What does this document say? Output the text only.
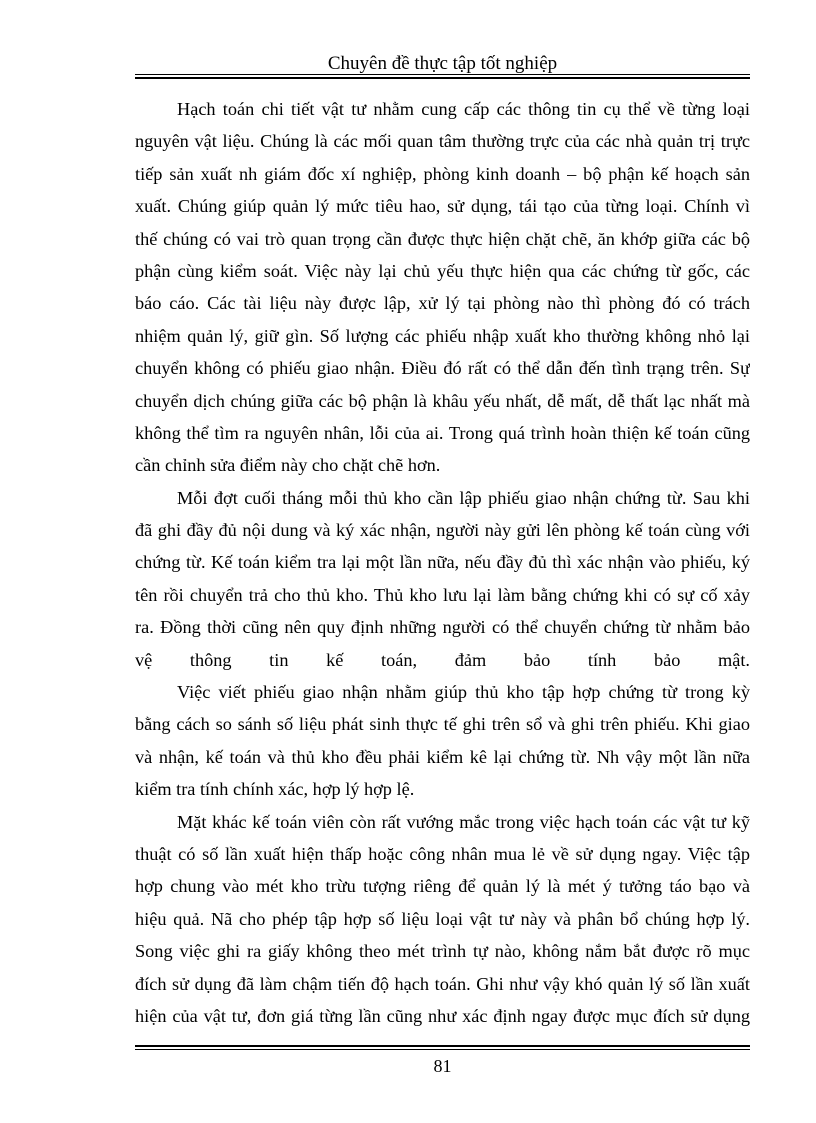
Chuyên đề thực tập tốt nghiệp
Hạch toán chi tiết vật tư nhằm cung cấp các thông tin cụ thể về từng loại
nguyên vật liệu. Chúng là các mối quan tâm thường trực của các nhà quản trị trực
tiếp sản xuất nh giám đốc xí nghiệp, phòng kinh doanh – bộ phận kế hoạch sản
xuất. Chúng giúp quản lý mức tiêu hao, sử dụng, tái tạo của từng loại. Chính vì
thế chúng có vai trò quan trọng cần được thực hiện chặt chẽ, ăn khớp giữa các bộ
phận cùng kiểm soát. Việc này lại chủ yếu thực hiện qua các chứng từ gốc, các
báo cáo. Các tài liệu này được lập, xử lý tại phòng nào thì phòng đó có trách
nhiệm quản lý, giữ gìn. Số lượng các phiếu nhập xuất kho thường không nhỏ lại
chuyển không có phiếu giao nhận. Điều đó rất có thể dẫn đến tình trạng trên. Sự
chuyển dịch chúng giữa các bộ phận là khâu yếu nhất, dễ mất, dễ thất lạc nhất mà
không thể tìm ra nguyên nhân, lỗi của ai. Trong quá trình hoàn thiện kế toán cũng
cần chỉnh sửa điểm này cho chặt chẽ hơn.
Mỗi đợt cuối tháng mỗi thủ kho cần lập phiếu giao nhận chứng từ. Sau khi
đã ghi đầy đủ nội dung và ký xác nhận, người này gửi lên phòng kế toán cùng với
chứng từ. Kế toán kiểm tra lại một lần nữa, nếu đầy đủ thì xác nhận vào phiếu, ký
tên rồi chuyển trả cho thủ kho. Thủ kho lưu lại làm bằng chứng khi có sự cố xảy
ra. Đồng thời cũng nên quy định những người có thể chuyển chứng từ nhằm bảo
vệ thông tin kế toán, đảm bảo tính bảo mật.
Việc viết phiếu giao nhận nhằm giúp thủ kho tập hợp chứng từ trong kỳ
bằng cách so sánh số liệu phát sinh thực tế ghi trên sổ và ghi trên phiếu. Khi giao
và nhận, kế toán và thủ kho đều phải kiểm kê lại chứng từ. Nh vậy một lần nữa
kiểm tra tính chính xác, hợp lý hợp lệ.
Mặt khác kế toán viên còn rất vướng mắc trong việc hạch toán các vật tư kỹ
thuật có số lần xuất hiện thấp hoặc công nhân mua lẻ về sử dụng ngay. Việc tập
hợp chung vào mét kho trừu tượng riêng để quản lý là mét ý tưởng táo bạo và
hiệu quả. Nã cho phép tập hợp số liệu loại vật tư này và phân bổ chúng hợp lý.
Song việc ghi ra giấy không theo mét trình tự nào, không nắm bắt được rõ mục
đích sử dụng đã làm chậm tiến độ hạch toán. Ghi như vậy khó quản lý số lần xuất
hiện của vật tư, đơn giá từng lần cũng như xác định ngay được mục đích sử dụng
81
